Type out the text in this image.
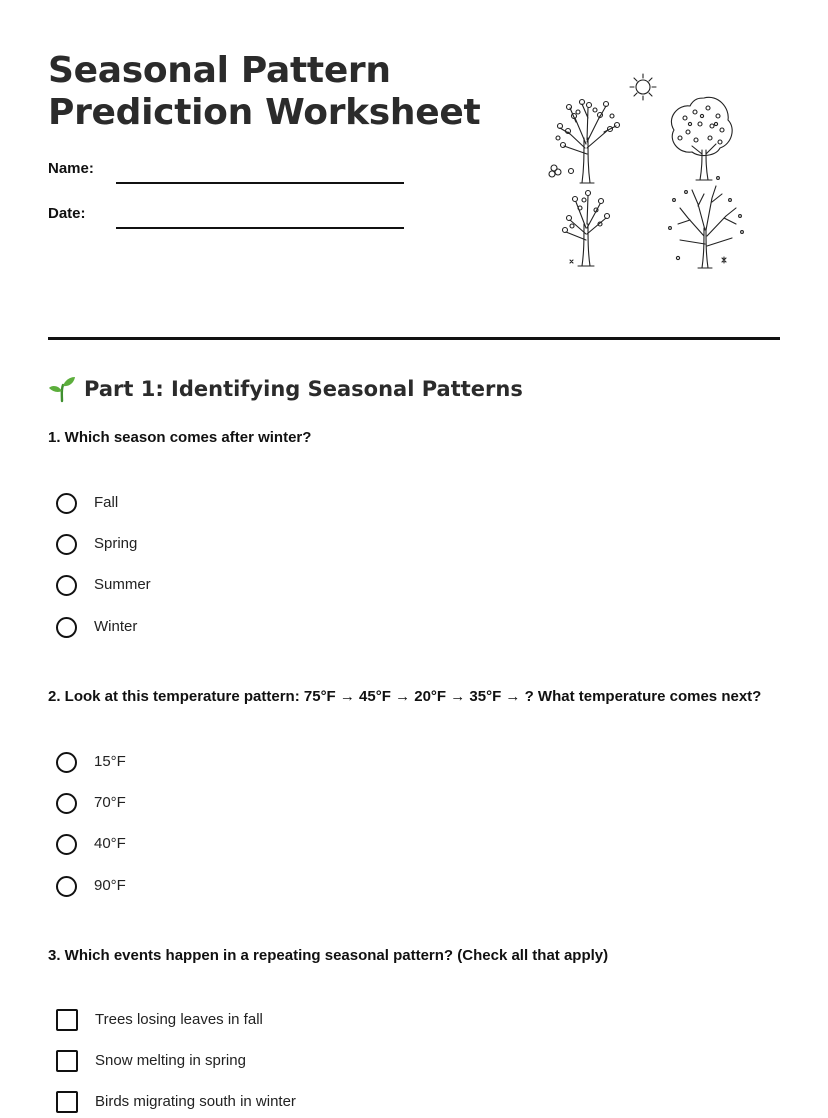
Seasonal Pattern
Prediction Worksheet
Name:
Date:
Part 1: Identifying Seasonal Patterns

1. Which season comes after winter?

Fall
Spring
Summer
Winter

2. Look at this temperature pattern: 75°F → 45°F → 20°F → 35°F → ? What temperature comes next?

15°F
70°F
40°F
90°F

3. Which events happen in a repeating seasonal pattern? (Check all that apply)

Trees losing leaves in fall
Snow melting in spring
Birds migrating south in winter
